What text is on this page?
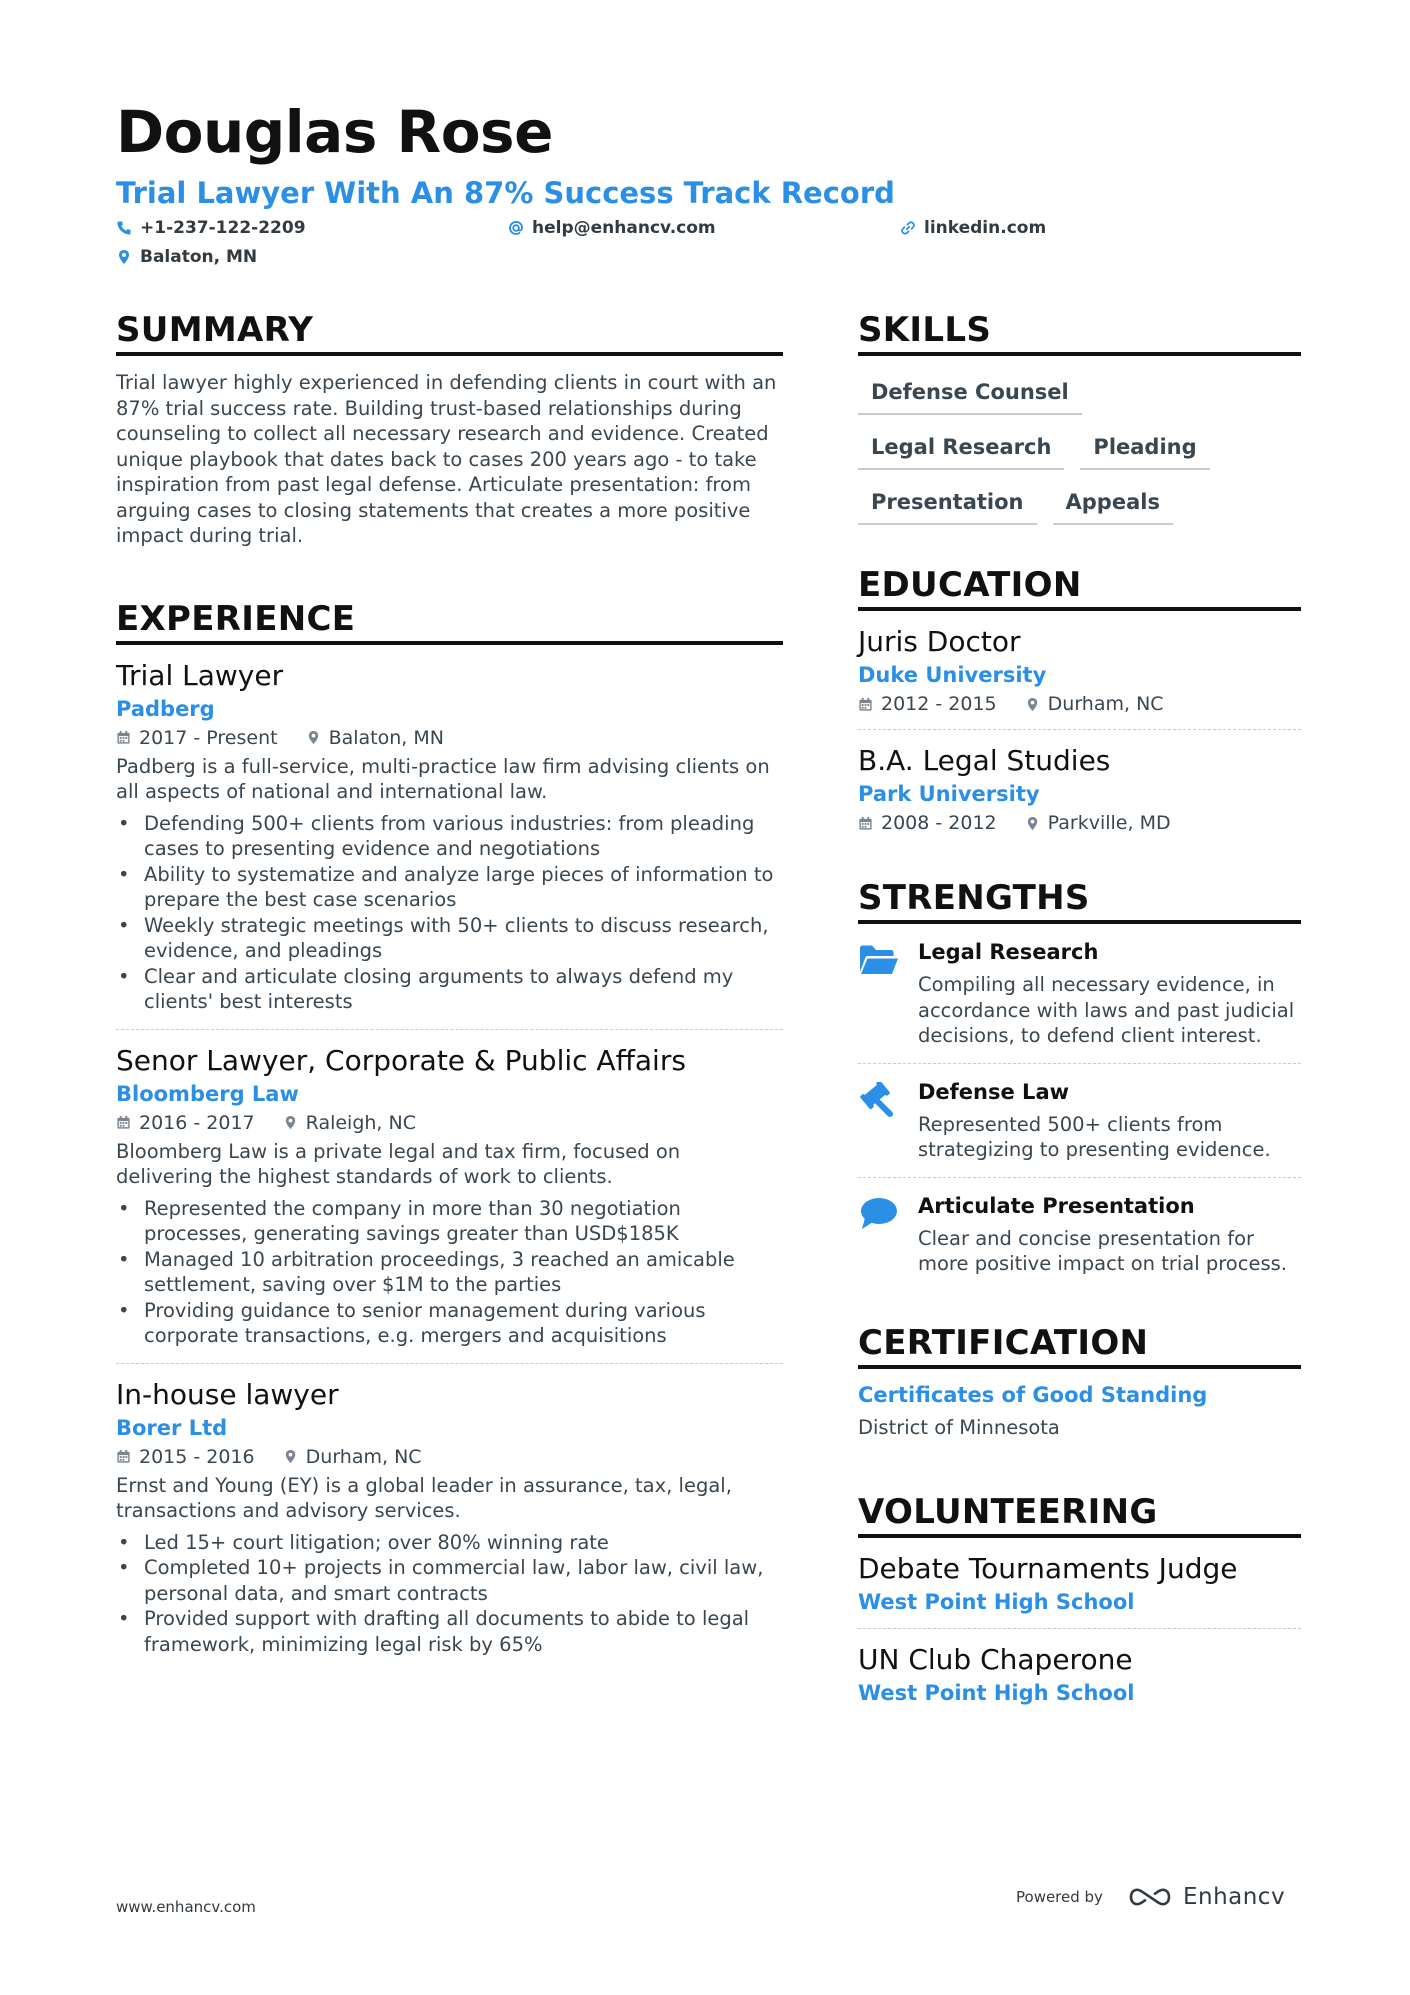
Douglas Rose
Trial Lawyer With An 87% Success Track Record
+1-237-122-2209	help@enhancv.com	linkedin.com
Balaton, MN
SUMMARY
Trial lawyer highly experienced in defending clients in court with an 87% trial success rate. Building trust-based relationships during counseling to collect all necessary research and evidence. Created unique playbook that dates back to cases 200 years ago - to take inspiration from past legal defense. Articulate presentation: from arguing cases to closing statements that creates a more positive impact during trial.
EXPERIENCE
Trial Lawyer
Padberg
2017 - Present	Balaton, MN
Padberg is a full-service, multi-practice law firm advising clients on all aspects of national and international law.
• Defending 500+ clients from various industries: from pleading cases to presenting evidence and negotiations
• Ability to systematize and analyze large pieces of information to prepare the best case scenarios
• Weekly strategic meetings with 50+ clients to discuss research, evidence, and pleadings
• Clear and articulate closing arguments to always defend my clients' best interests
Senor Lawyer, Corporate & Public Affairs
Bloomberg Law
2016 - 2017	Raleigh, NC
Bloomberg Law is a private legal and tax firm, focused on delivering the highest standards of work to clients.
• Represented the company in more than 30 negotiation processes, generating savings greater than USD$185K
• Managed 10 arbitration proceedings, 3 reached an amicable settlement, saving over $1M to the parties
• Providing guidance to senior management during various corporate transactions, e.g. mergers and acquisitions
In-house lawyer
Borer Ltd
2015 - 2016	Durham, NC
Ernst and Young (EY) is a global leader in assurance, tax, legal, transactions and advisory services.
• Led 15+ court litigation; over 80% winning rate
• Completed 10+ projects in commercial law, labor law, civil law, personal data, and smart contracts
• Provided support with drafting all documents to abide to legal framework, minimizing legal risk by 65%
SKILLS
Defense Counsel
Legal Research	Pleading
Presentation	Appeals
EDUCATION
Juris Doctor
Duke University
2012 - 2015	Durham, NC
B.A. Legal Studies
Park University
2008 - 2012	Parkville, MD
STRENGTHS
Legal Research
Compiling all necessary evidence, in accordance with laws and past judicial decisions, to defend client interest.
Defense Law
Represented 500+ clients from strategizing to presenting evidence.
Articulate Presentation
Clear and concise presentation for more positive impact on trial process.
CERTIFICATION
Certificates of Good Standing
District of Minnesota
VOLUNTEERING
Debate Tournaments Judge
West Point High School
UN Club Chaperone
West Point High School
www.enhancv.com
Powered by	Enhancv
